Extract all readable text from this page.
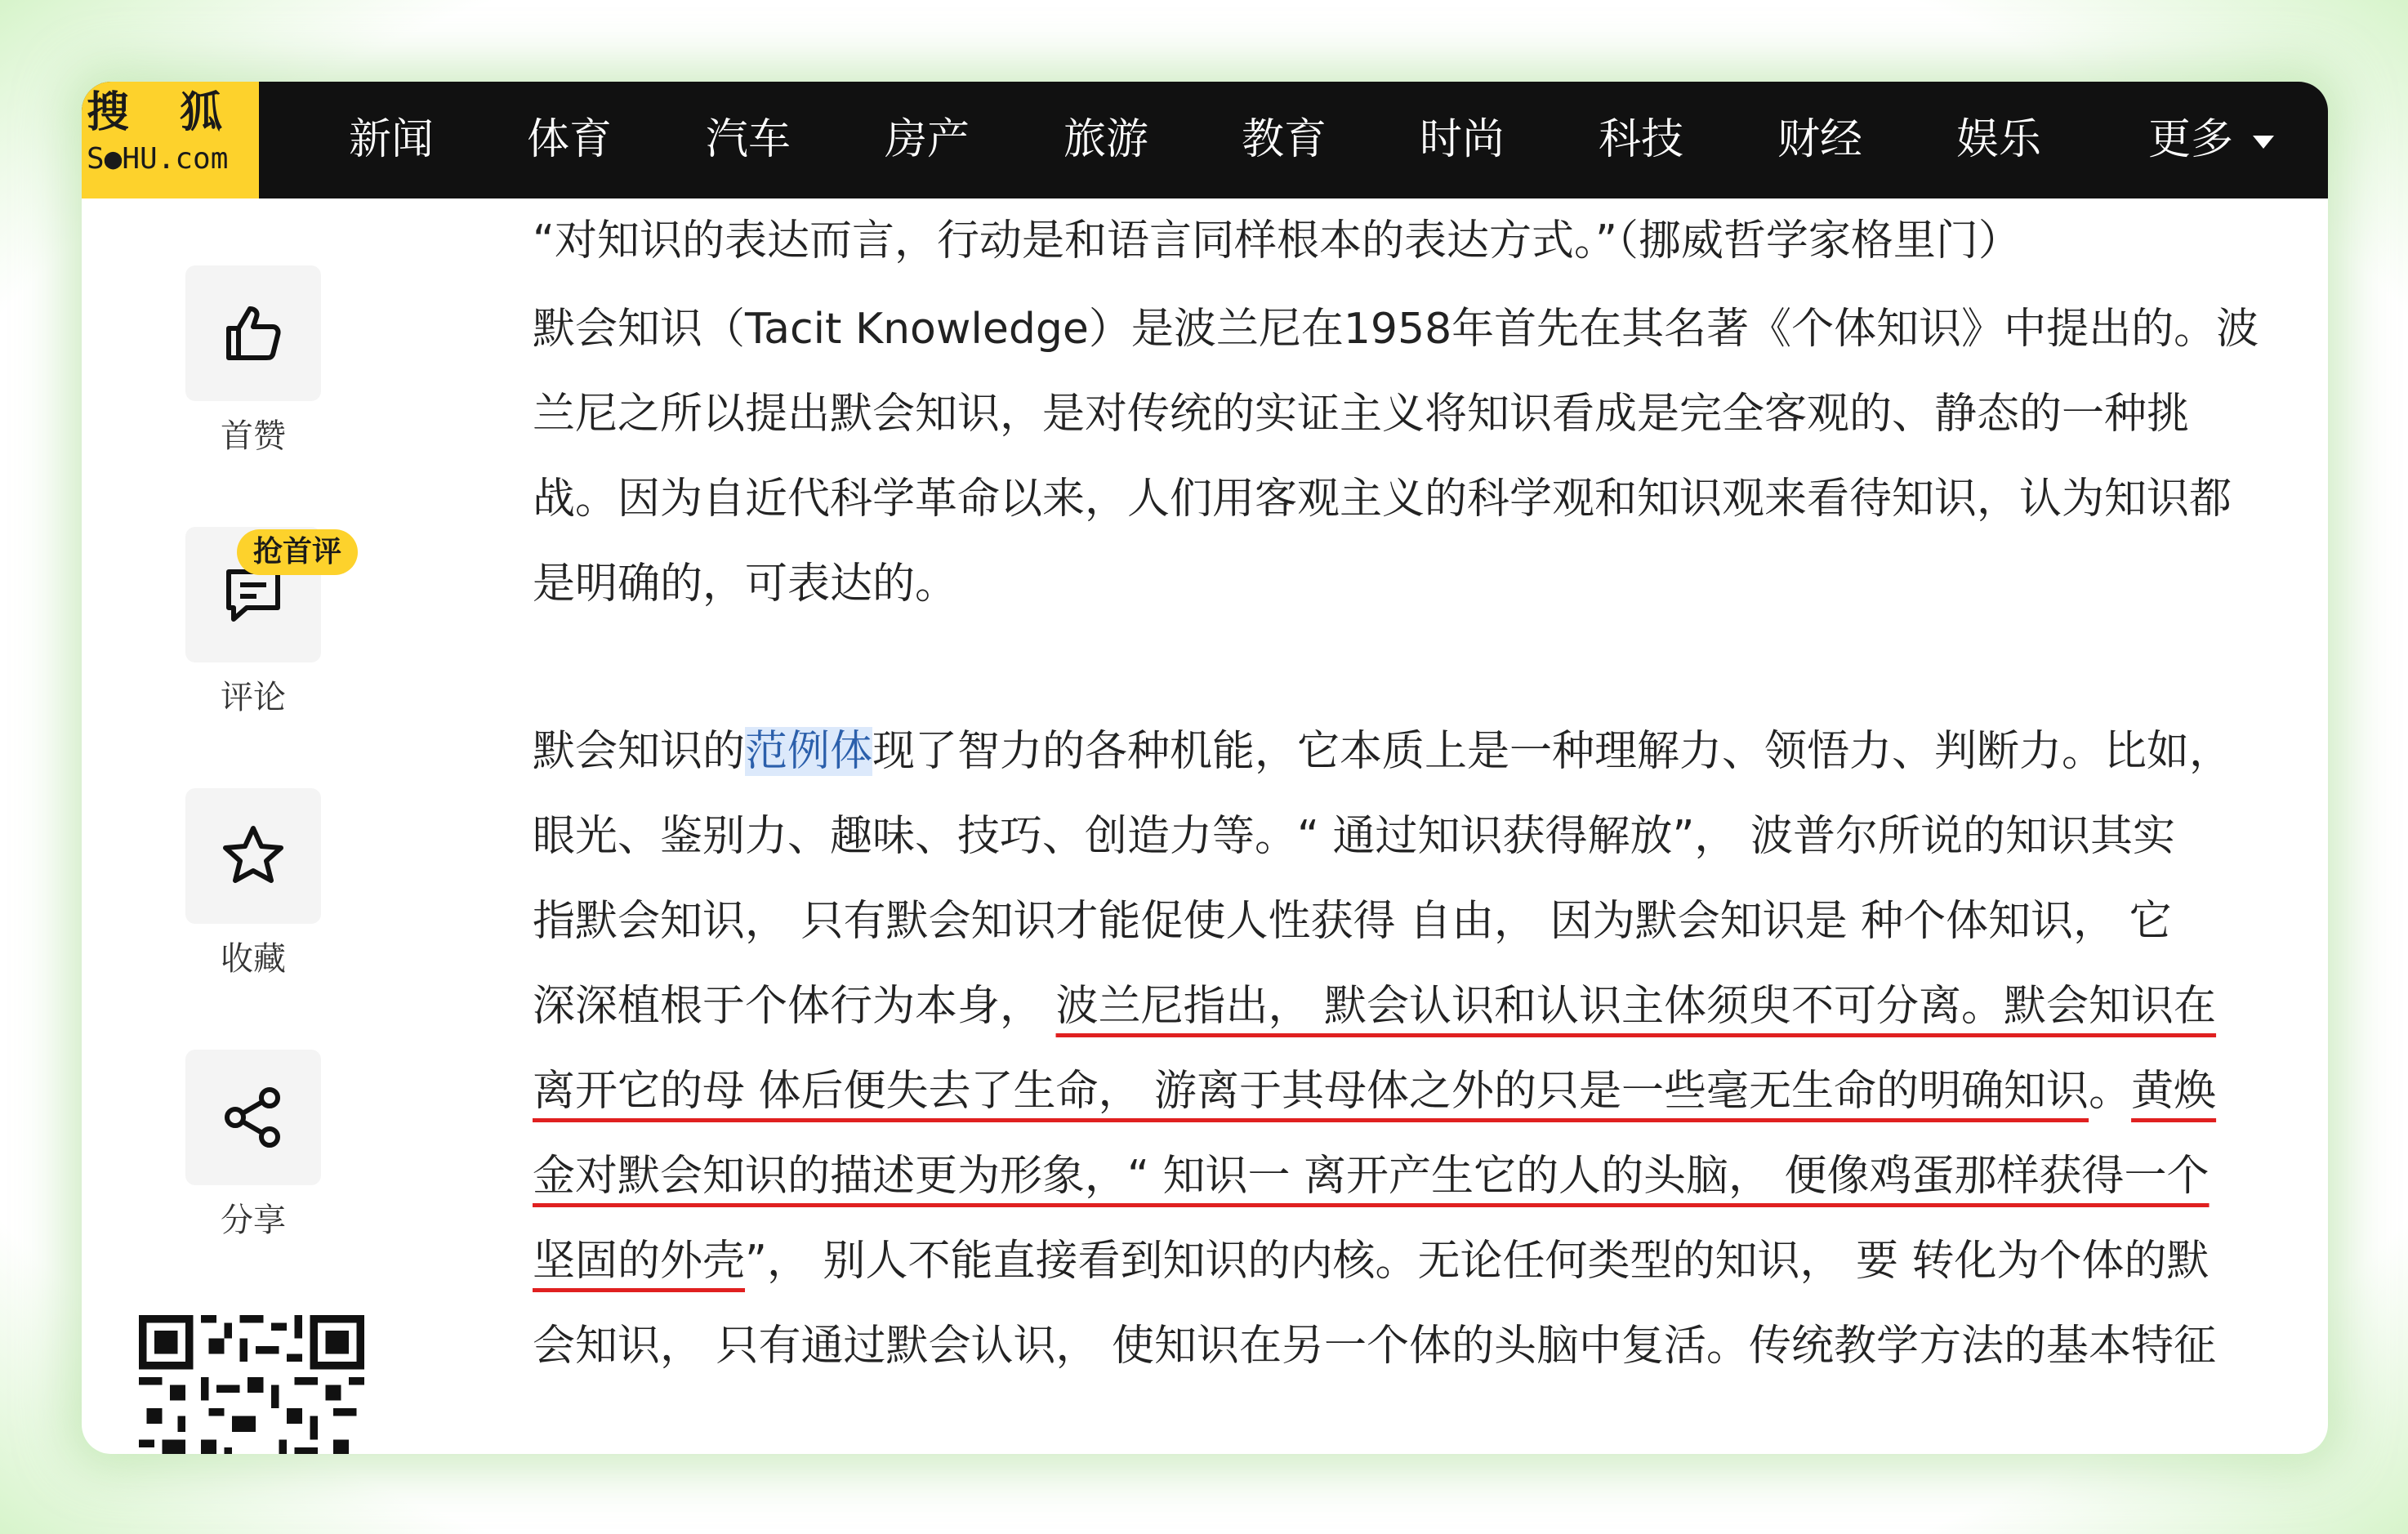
搜 狐
S●HU.com	新闻 体育 汽车 房产 旅游 教育 时尚 科技 财经 娱乐	更多
首赞
评论
抢首评
收藏
分享
“对知识的表达而言，行动是和语言同样根本的表达方式。”（挪威哲学家格里门）
默会知识（Tacit Knowledge）是波兰尼在1958年首先在其名著《个体知识》中提出的。波
兰尼之所以提出默会知识，是对传统的实证主义将知识看成是完全客观的、静态的一种挑
战。因为自近代科学革命以来，人们用客观主义的科学观和知识观来看待知识，认为知识都
是明确的，可表达的。
默会知识的范例体现了智力的各种机能，它本质上是一种理解力、领悟力、判断力。比如，
眼光、鉴别力、趣味、技巧、创造力等。“ 通过知识获得解放”， 波普尔所说的知识其实
指默会知识， 只有默会知识才能促使人性获得 自由， 因为默会知识是 种个体知识， 它
深深植根于个体行为本身， 波兰尼指出， 默会认识和认识主体须臾不可分离。默会知识在
离开它的母 体后便失去了生命， 游离于其母体之外的只是一些毫无生命的明确知识。黄焕
金对默会知识的描述更为形象，“ 知识一 离开产生它的人的头脑， 便像鸡蛋那样获得一个
坚固的外壳”， 别人不能直接看到知识的内核。无论任何类型的知识， 要 转化为个体的默
会知识， 只有通过默会认识， 使知识在另一个体的头脑中复活。传统教学方法的基本特征
